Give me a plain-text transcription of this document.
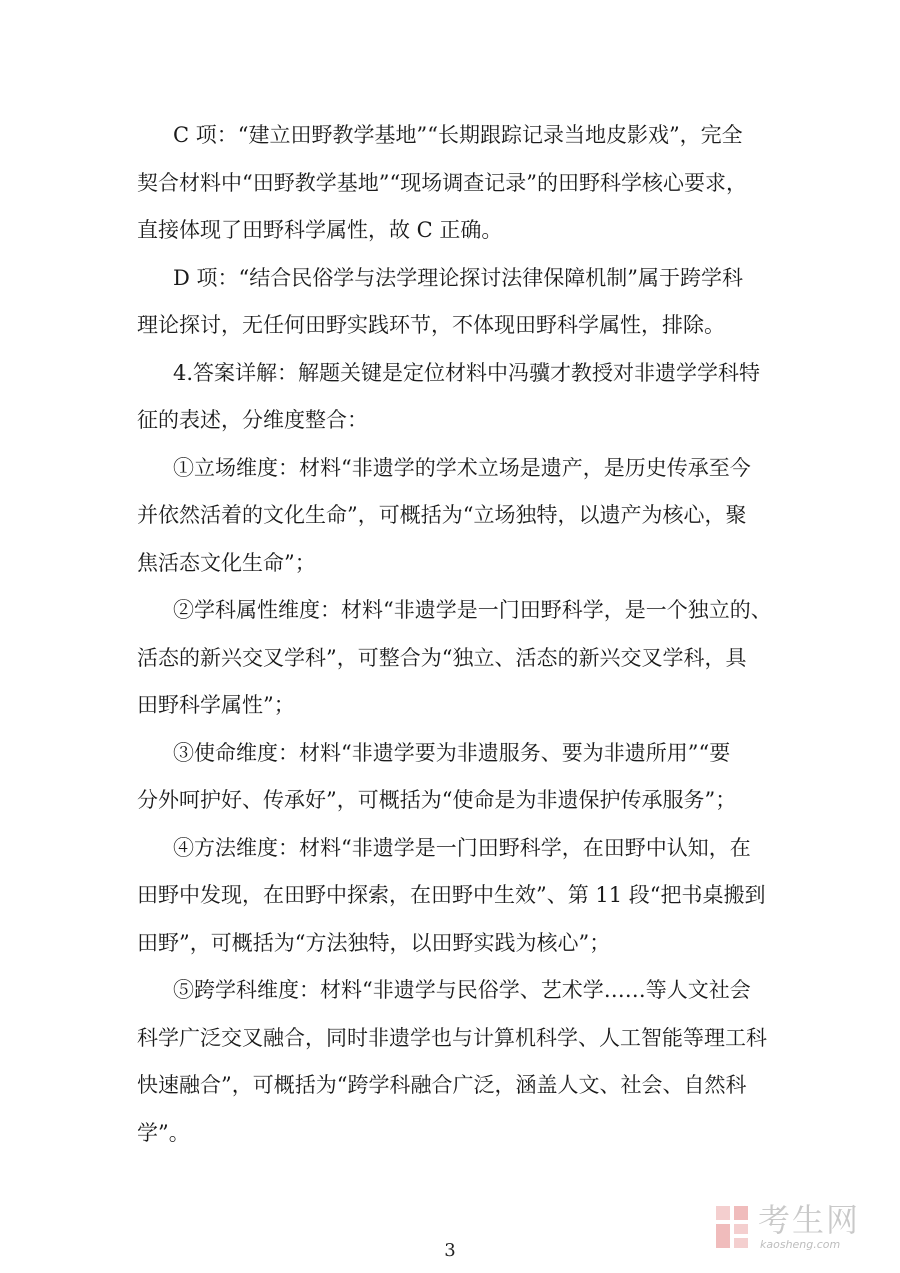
C 项：“建立田野教学基地”“长期跟踪记录当地皮影戏”，完全
契合材料中“田野教学基地”“现场调查记录”的田野科学核心要求，
直接体现了田野科学属性，故 C 正确。
D 项：“结合民俗学与法学理论探讨法律保障机制”属于跨学科
理论探讨，无任何田野实践环节，不体现田野科学属性，排除。
4.答案详解：解题关键是定位材料中冯骥才教授对非遗学学科特
征的表述，分维度整合：
①立场维度：材料“非遗学的学术立场是遗产，是历史传承至今
并依然活着的文化生命”，可概括为“立场独特，以遗产为核心，聚
焦活态文化生命”；
②学科属性维度：材料“非遗学是一门田野科学，是一个独立的、
活态的新兴交叉学科”，可整合为“独立、活态的新兴交叉学科，具
田野科学属性”；
③使命维度：材料“非遗学要为非遗服务、要为非遗所用”“要
分外呵护好、传承好”，可概括为“使命是为非遗保护传承服务”；
④方法维度：材料“非遗学是一门田野科学，在田野中认知，在
田野中发现，在田野中探索，在田野中生效”、第 11 段“把书桌搬到
田野”，可概括为“方法独特，以田野实践为核心”；
⑤跨学科维度：材料“非遗学与民俗学、艺术学……等人文社会
科学广泛交叉融合，同时非遗学也与计算机科学、人工智能等理工科
快速融合”，可概括为“跨学科融合广泛，涵盖人文、社会、自然科
学”。
考生网
kaosheng.com
3
